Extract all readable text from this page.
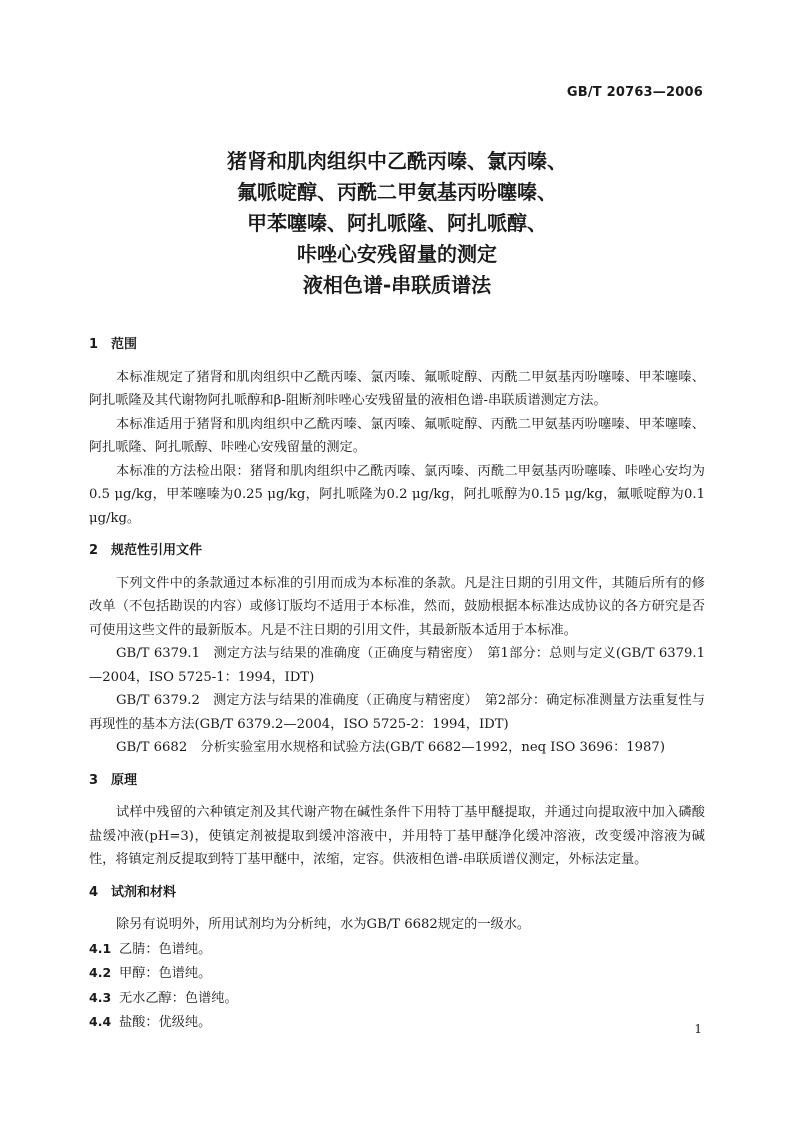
GB/T 20763—2006
猪肾和肌肉组织中乙酰丙嗪、氯丙嗪、
氟哌啶醇、丙酰二甲氨基丙吩噻嗪、
甲苯噻嗪、阿扎哌隆、阿扎哌醇、
咔唑心安残留量的测定
液相色谱-串联质谱法
1 范围

本标准规定了猪肾和肌肉组织中乙酰丙嗪、氯丙嗪、氟哌啶醇、丙酰二甲氨基丙吩噻嗪、甲苯噻嗪、阿扎哌隆及其代谢物阿扎哌醇和β-阻断剂咔唑心安残留量的液相色谱-串联质谱测定方法。

本标准适用于猪肾和肌肉组织中乙酰丙嗪、氯丙嗪、氟哌啶醇、丙酰二甲氨基丙吩噻嗪、甲苯噻嗪、阿扎哌隆、阿扎哌醇、咔唑心安残留量的测定。

本标准的方法检出限：猪肾和肌肉组织中乙酰丙嗪、氯丙嗪、丙酰二甲氨基丙吩噻嗪、咔唑心安均为0.5 μg/kg，甲苯噻嗪为0.25 μg/kg，阿扎哌隆为0.2 μg/kg，阿扎哌醇为0.15 μg/kg，氟哌啶醇为0.1 μg/kg。

2 规范性引用文件

下列文件中的条款通过本标准的引用而成为本标准的条款。凡是注日期的引用文件，其随后所有的修改单（不包括勘误的内容）或修订版均不适用于本标准，然而，鼓励根据本标准达成协议的各方研究是否可使用这些文件的最新版本。凡是不注日期的引用文件，其最新版本适用于本标准。

GB/T 6379.1　测定方法与结果的准确度（正确度与精密度）　第1部分：总则与定义(GB/T 6379.1—2004，ISO 5725-1：1994，IDT)

GB/T 6379.2　测定方法与结果的准确度（正确度与精密度）　第2部分：确定标准测量方法重复性与再现性的基本方法(GB/T 6379.2—2004，ISO 5725-2：1994，IDT)

GB/T 6682　分析实验室用水规格和试验方法(GB/T 6682—1992，neq ISO 3696：1987)

3 原理

试样中残留的六种镇定剂及其代谢产物在碱性条件下用特丁基甲醚提取，并通过向提取液中加入磷酸盐缓冲液(pH=3)，使镇定剂被提取到缓冲溶液中，并用特丁基甲醚净化缓冲溶液，改变缓冲溶液为碱性，将镇定剂反提取到特丁基甲醚中，浓缩，定容。供液相色谱-串联质谱仪测定，外标法定量。

4 试剂和材料

除另有说明外，所用试剂均为分析纯，水为GB/T 6682规定的一级水。

4.1 乙腈：色谱纯。

4.2 甲醇：色谱纯。

4.3 无水乙醇：色谱纯。

4.4 盐酸：优级纯。	1
